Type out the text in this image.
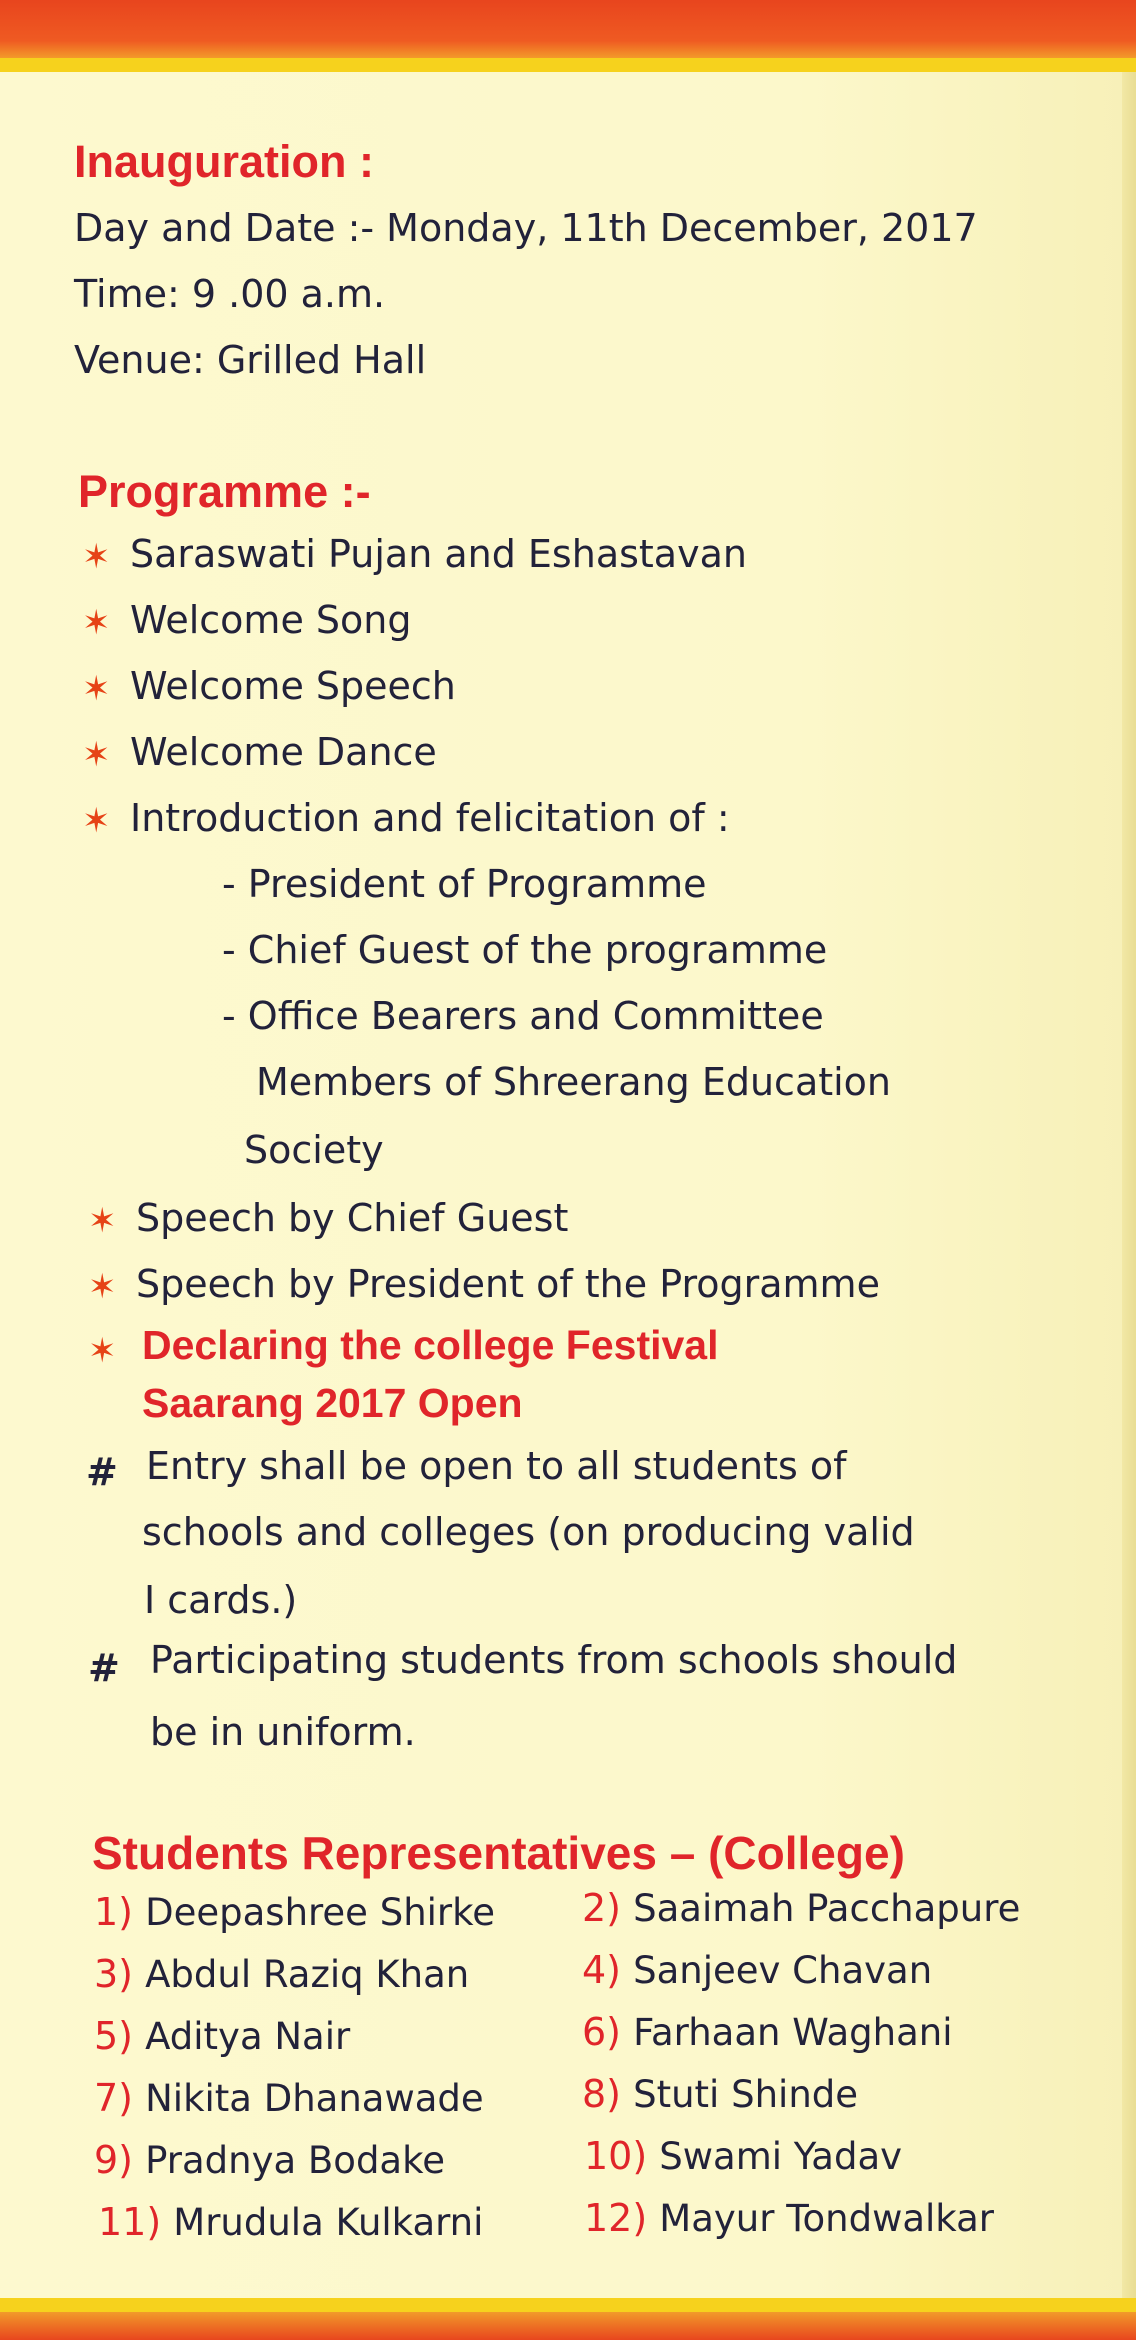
Inauguration :
Day and Date :- Monday, 11th December, 2017
Time: 9 .00 a.m.
Venue: Grilled Hall
Programme :-
✶ Saraswati Pujan and Eshastavan
✶ Welcome Song
✶ Welcome Speech
✶ Welcome Dance
✶ Introduction and felicitation of :
- President of Programme
- Chief Guest of the programme
- Office Bearers and Committee
Members of Shreerang Education
Society
✶ Speech by Chief Guest
✶ Speech by President of the Programme
✶ Declaring the college Festival
Saarang 2017 Open
# Entry shall be open to all students of
schools and colleges (on producing valid
I cards.)
# Participating students from schools should
be in uniform.
Students Representatives – (College)
1) Deepashree Shirke
3) Abdul Raziq Khan
5) Aditya Nair
7) Nikita Dhanawade
9) Pradnya Bodake
11) Mrudula Kulkarni
2) Saaimah Pacchapure
4) Sanjeev Chavan
6) Farhaan Waghani
8) Stuti Shinde
10) Swami Yadav
12) Mayur Tondwalkar
